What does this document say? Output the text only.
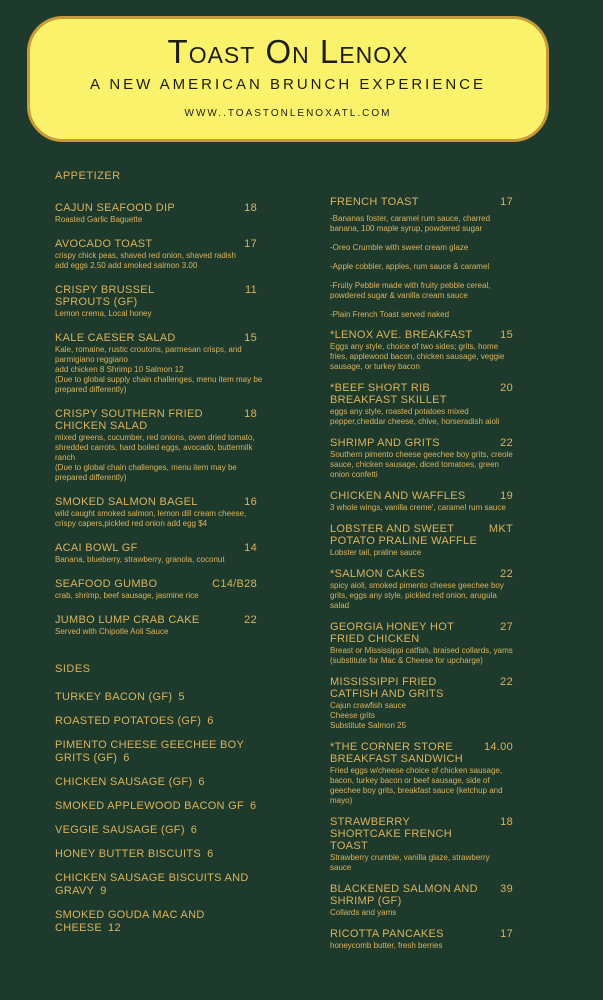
Toast On Lenox
A NEW AMERICAN BRUNCH EXPERIENCE
WWW..TOASTONLENOXATL.COM
APPETIZER
CAJUN SEAFOOD DIP	18
Roasted Garlic Baguette
AVOCADO TOAST	17
crispy chick peas, shaved red onion, shaved radish
add eggs 2.50 add smoked salmon 3.00
CRISPY BRUSSEL SPROUTS (GF)
11
Lemon crema, Local honey
KALE CAESER SALAD	15
Kale, romaine, rustic croutons, parmesan crisps, and parmigiano reggiano
add chicken 8 Shrimp 10 Salmon 12
(Due to global supply chain challenges, menu item may be prepared differently)
CRISPY SOUTHERN FRIED CHICKEN SALAD
18
mixed greens, cucumber, red onions, oven dried tomato, shredded carrots, hard boiled eggs, avocado, buttermilk ranch
(Due to global chain challenges, menu item may be prepared differently)
SMOKED SALMON BAGEL	16
wild caught smoked salmon, lemon dill cream cheese, crispy capers,pickled red onion add egg $4
ACAI BOWL GF	14
Banana, blueberry, strawberry, granola, coconut
SEAFOOD GUMBO	C14/B28
crab, shrimp, beef sausage, jasmine rice
JUMBO LUMP CRAB CAKE	22
Served with Chipotle Aoli Sauce
SIDES
TURKEY BACON (GF) 5
ROASTED POTATOES (GF) 6
PIMENTO CHEESE GEECHEE BOY GRITS (GF) 6
CHICKEN SAUSAGE (GF) 6
SMOKED APPLEWOOD BACON GF 6
VEGGIE SAUSAGE (GF) 6
HONEY BUTTER BISCUITS 6
CHICKEN SAUSAGE BISCUITS AND GRAVY 9
SMOKED GOUDA MAC AND CHEESE 12
FRENCH TOAST	17
-Bananas foster, caramel rum sauce, charred banana, 100 maple syrup, powdered sugar
-Oreo Crumble with sweet cream glaze
-Apple cobbler, apples, rum sauce & caramel
-Fruity Pebble made with fruity pebble cereal, powdered sugar & vanilla cream sauce
-Plain French Toast served naked
*LENOX AVE. BREAKFAST	15
Eggs any style, choice of two sides; grits, home fries, applewood bacon, chicken sausage, veggie sausage, or turkey bacon
*BEEF SHORT RIB BREAKFAST SKILLET
20
eggs any style, roasted potatoes mixed pepper,cheddar cheese, chive, horseradish aioli
SHRIMP AND GRITS	22
Southern pimento cheese geechee boy grits, creole sauce, chicken sausage, diced tomatoes, green onion confetti
CHICKEN AND WAFFLES	19
3 whole wings, vanilla creme', caramel rum sauce
LOBSTER AND SWEET POTATO PRALINE WAFFLE
MKT
Lobster tail, praline sauce
*SALMON CAKES	22
spicy aioli, smoked pimento cheese geechee boy grits, eggs any style, pickled red onion, arugula salad
GEORGIA HONEY HOT FRIED CHICKEN
27
Breast or Mississippi catfish, braised collards, yams (substitute for Mac & Cheese for upcharge)
MISSISSIPPI FRIED CATFISH AND GRITS
22
Cajun crawfish sauce
Cheese grits
Substitute Salmon 25
*THE CORNER STORE BREAKFAST SANDWICH
14.00
Fried eggs w/cheese choice of chicken sausage, bacon, turkey bacon or beef sausage, side of geechee boy grits, breakfast sauce (ketchup and mayo)
STRAWBERRY SHORTCAKE FRENCH TOAST
18
Strawberry crumble, vanilla glaze, strawberry sauce
BLACKENED SALMON AND SHRIMP (GF)
39
Collards and yams
RICOTTA PANCAKES	17
honeycomb butter, fresh berries
